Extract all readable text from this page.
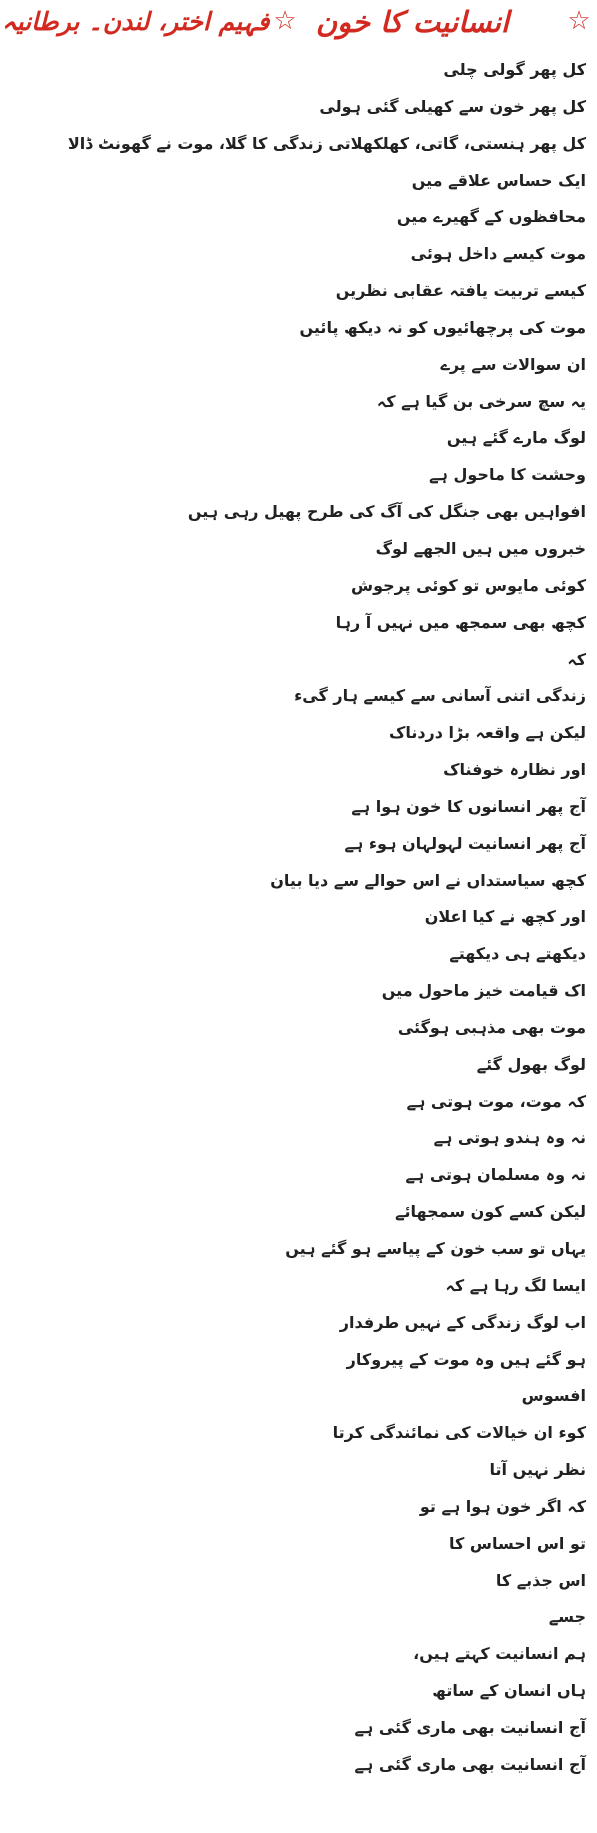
☆
انسانیت کا خون
☆
فہیم اختر، لندن۔ برطانیہ
کل پھر گولی چلی
کل پھر خون سے کھیلی گئی ہولی
کل پھر ہنستی، گاتی، کھلکھلاتی زندگی کا گلا، موت نے گھونٹ ڈالا
ایک حساس علاقے میں
محافظوں کے گھیرے میں
موت کیسے داخل ہوئی
کیسے تربیت یافتہ عقابی نظریں
موت کی پرچھائیوں کو نہ دیکھ پائیں
ان سوالات سے پرے
یہ سچ سرخی بن گیا ہے کہ
لوگ مارے گئے ہیں
وحشت کا ماحول ہے
افواہیں بھی جنگل کی آگ کی طرح پھیل رہی ہیں
خبروں میں ہیں الجھے لوگ
کوئی مایوس تو کوئی پرجوش
کچھ بھی سمجھ میں نہیں آ رہا
کہ
زندگی اتنی آسانی سے کیسے ہار گیء
لیکن ہے واقعہ بڑا دردناک
اور نظارہ خوفناک
آج پھر انسانوں کا خون ہوا ہے
آج پھر انسانیت لہولہان ہوء ہے
کچھ سیاستداں نے اس حوالے سے دیا بیان
اور کچھ نے کیا اعلان
دیکھتے ہی دیکھتے
اک قیامت خیز ماحول میں
موت بھی مذہبی ہوگئی
لوگ بھول گئے
کہ موت، موت ہوتی ہے
نہ وہ ہندو ہوتی ہے
نہ وہ مسلمان ہوتی ہے
لیکن کسے کون سمجھائے
یہاں تو سب خون کے پیاسے ہو گئے ہیں
ایسا لگ رہا ہے کہ
اب لوگ زندگی کے نہیں طرفدار
ہو گئے ہیں وہ موت کے پیروکار
افسوس
کوء ان خیالات کی نمائندگی کرتا
نظر نہیں آتا
کہ اگر خون ہوا ہے تو
تو اس احساس کا
اس جذبے کا
جسے
ہم انسانیت کہتے ہیں،
ہاں انسان کے ساتھ
آج انسانیت بھی ماری گئی ہے
آج انسانیت بھی ماری گئی ہے
